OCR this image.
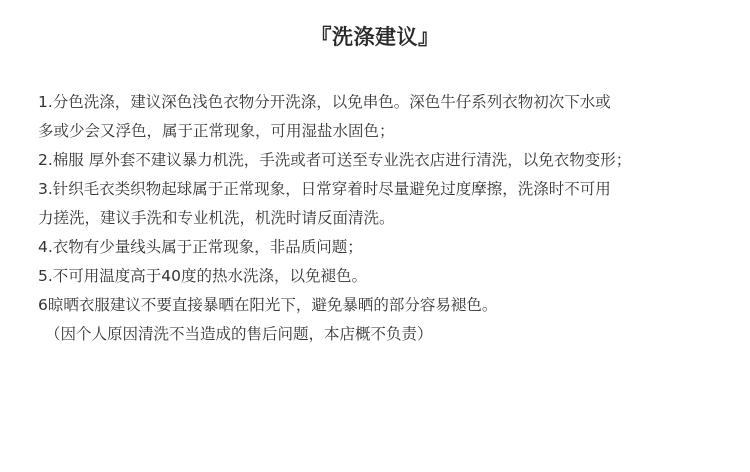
『洗涤建议』

1.分色洗涤，建议深色浅色衣物分开洗涤，以免串色。深色牛仔系列衣物初次下水或
多或少会又浮色，属于正常现象，可用湿盐水固色；

2.棉服 厚外套不建议暴力机洗，手洗或者可送至专业洗衣店进行清洗，以免衣物变形；

3.针织毛衣类织物起球属于正常现象，日常穿着时尽量避免过度摩擦，洗涤时不可用
力搓洗，建议手洗和专业机洗，机洗时请反面清洗。

4.衣物有少量线头属于正常现象，非品质问题；

5.不可用温度高于40度的热水洗涤，以免褪色。

6晾晒衣服建议不要直接暴晒在阳光下，避免暴晒的部分容易褪色。

（因个人原因清洗不当造成的售后问题，本店概不负责）
